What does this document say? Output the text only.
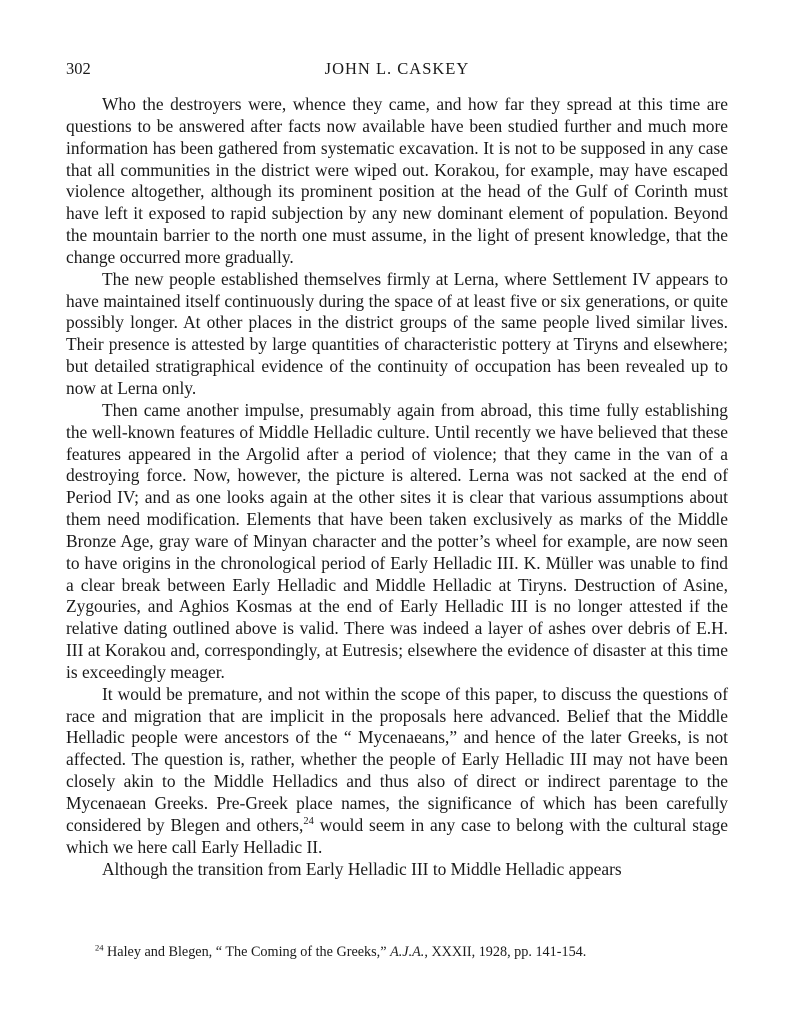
302	JOHN L. CASKEY

Who the destroyers were, whence they came, and how far they spread at this time are questions to be answered after facts now available have been studied further and much more information has been gathered from systematic excavation. It is not to be supposed in any case that all communities in the district were wiped out. Korakou, for example, may have escaped violence altogether, although its prominent position at the head of the Gulf of Corinth must have left it exposed to rapid subjection by any new dominant element of population. Beyond the mountain barrier to the north one must assume, in the light of present knowledge, that the change occurred more gradually.

The new people established themselves firmly at Lerna, where Settlement IV appears to have maintained itself continuously during the space of at least five or six generations, or quite possibly longer. At other places in the district groups of the same people lived similar lives. Their presence is attested by large quantities of characteristic pottery at Tiryns and elsewhere; but detailed stratigraphical evidence of the continuity of occupation has been revealed up to now at Lerna only.

Then came another impulse, presumably again from abroad, this time fully establishing the well-known features of Middle Helladic culture. Until recently we have believed that these features appeared in the Argolid after a period of violence; that they came in the van of a destroying force. Now, however, the picture is altered. Lerna was not sacked at the end of Period IV; and as one looks again at the other sites it is clear that various assumptions about them need modification. Elements that have been taken exclusively as marks of the Middle Bronze Age, gray ware of Minyan character and the potter’s wheel for example, are now seen to have origins in the chronological period of Early Helladic III. K. Müller was unable to find a clear break between Early Helladic and Middle Helladic at Tiryns. Destruction of Asine, Zygouries, and Aghios Kosmas at the end of Early Helladic III is no longer attested if the relative dating outlined above is valid. There was indeed a layer of ashes over debris of E.H. III at Korakou and, correspondingly, at Eutresis; elsewhere the evidence of disaster at this time is exceedingly meager.

It would be premature, and not within the scope of this paper, to discuss the questions of race and migration that are implicit in the proposals here advanced. Belief that the Middle Helladic people were ancestors of the “ Mycenaeans,” and hence of the later Greeks, is not affected. The question is, rather, whether the people of Early Helladic III may not have been closely akin to the Middle Helladics and thus also of direct or indirect parentage to the Mycenaean Greeks. Pre-Greek place names, the significance of which has been carefully considered by Blegen and others,$^{24}$ would seem in any case to belong with the cultural stage which we here call Early Helladic II.

Although the transition from Early Helladic III to Middle Helladic appears

$^{24}$ Haley and Blegen, “ The Coming of the Greeks,” A.J.A., XXXII, 1928, pp. 141-154.
